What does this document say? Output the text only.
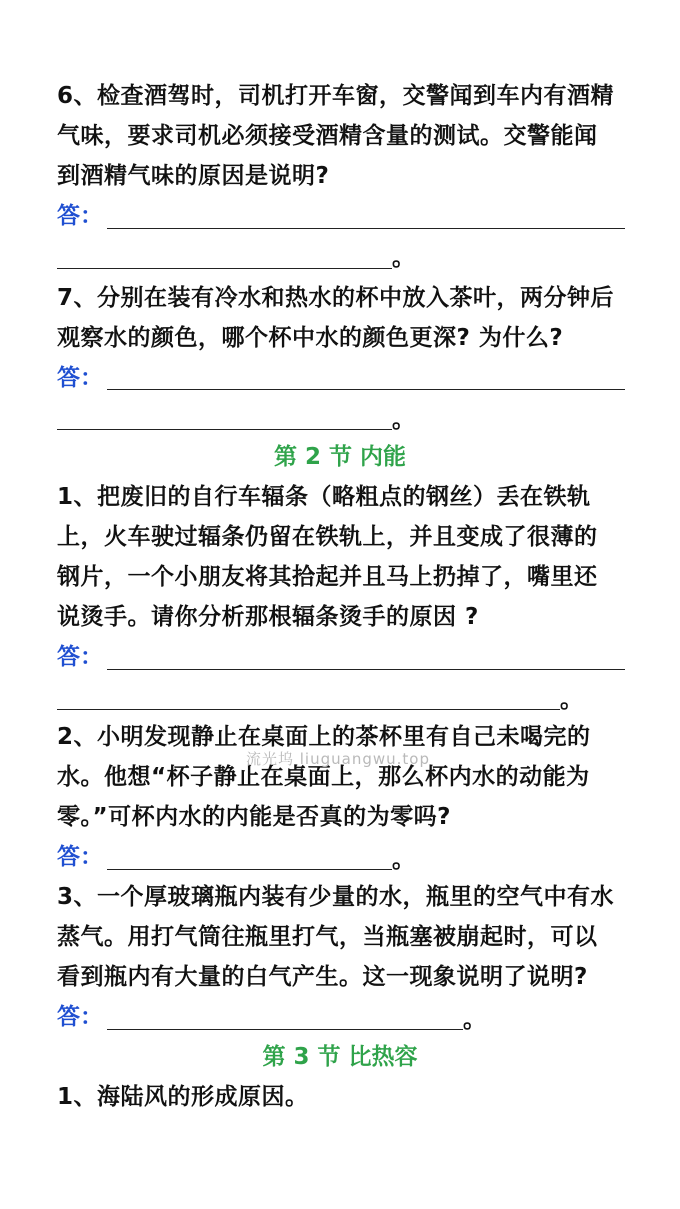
6、检查酒驾时，司机打开车窗，交警闻到车内有酒精
气味，要求司机必须接受酒精含量的测试。交警能闻
到酒精气味的原因是说明?
答：
。
7、分别在装有冷水和热水的杯中放入茶叶，两分钟后
观察水的颜色，哪个杯中水的颜色更深? 为什么?
答：
。
第 2 节 内能
1、把废旧的自行车辐条（略粗点的钢丝）丢在铁轨
上，火车驶过辐条仍留在铁轨上，并且变成了很薄的
钢片，一个小朋友将其拾起并且马上扔掉了，嘴里还
说烫手。请你分析那根辐条烫手的原因 ?
答：
。
2、小明发现静止在桌面上的茶杯里有自己未喝完的
水。他想“杯子静止在桌面上，那么杯内水的动能为
零。”可杯内水的内能是否真的为零吗?
流光坞 liuguangwu.top
答：	。
3、一个厚玻璃瓶内装有少量的水，瓶里的空气中有水
蒸气。用打气筒往瓶里打气，当瓶塞被崩起时，可以
看到瓶内有大量的白气产生。这一现象说明了说明?
答：	。
第 3 节 比热容
1、海陆风的形成原因。
